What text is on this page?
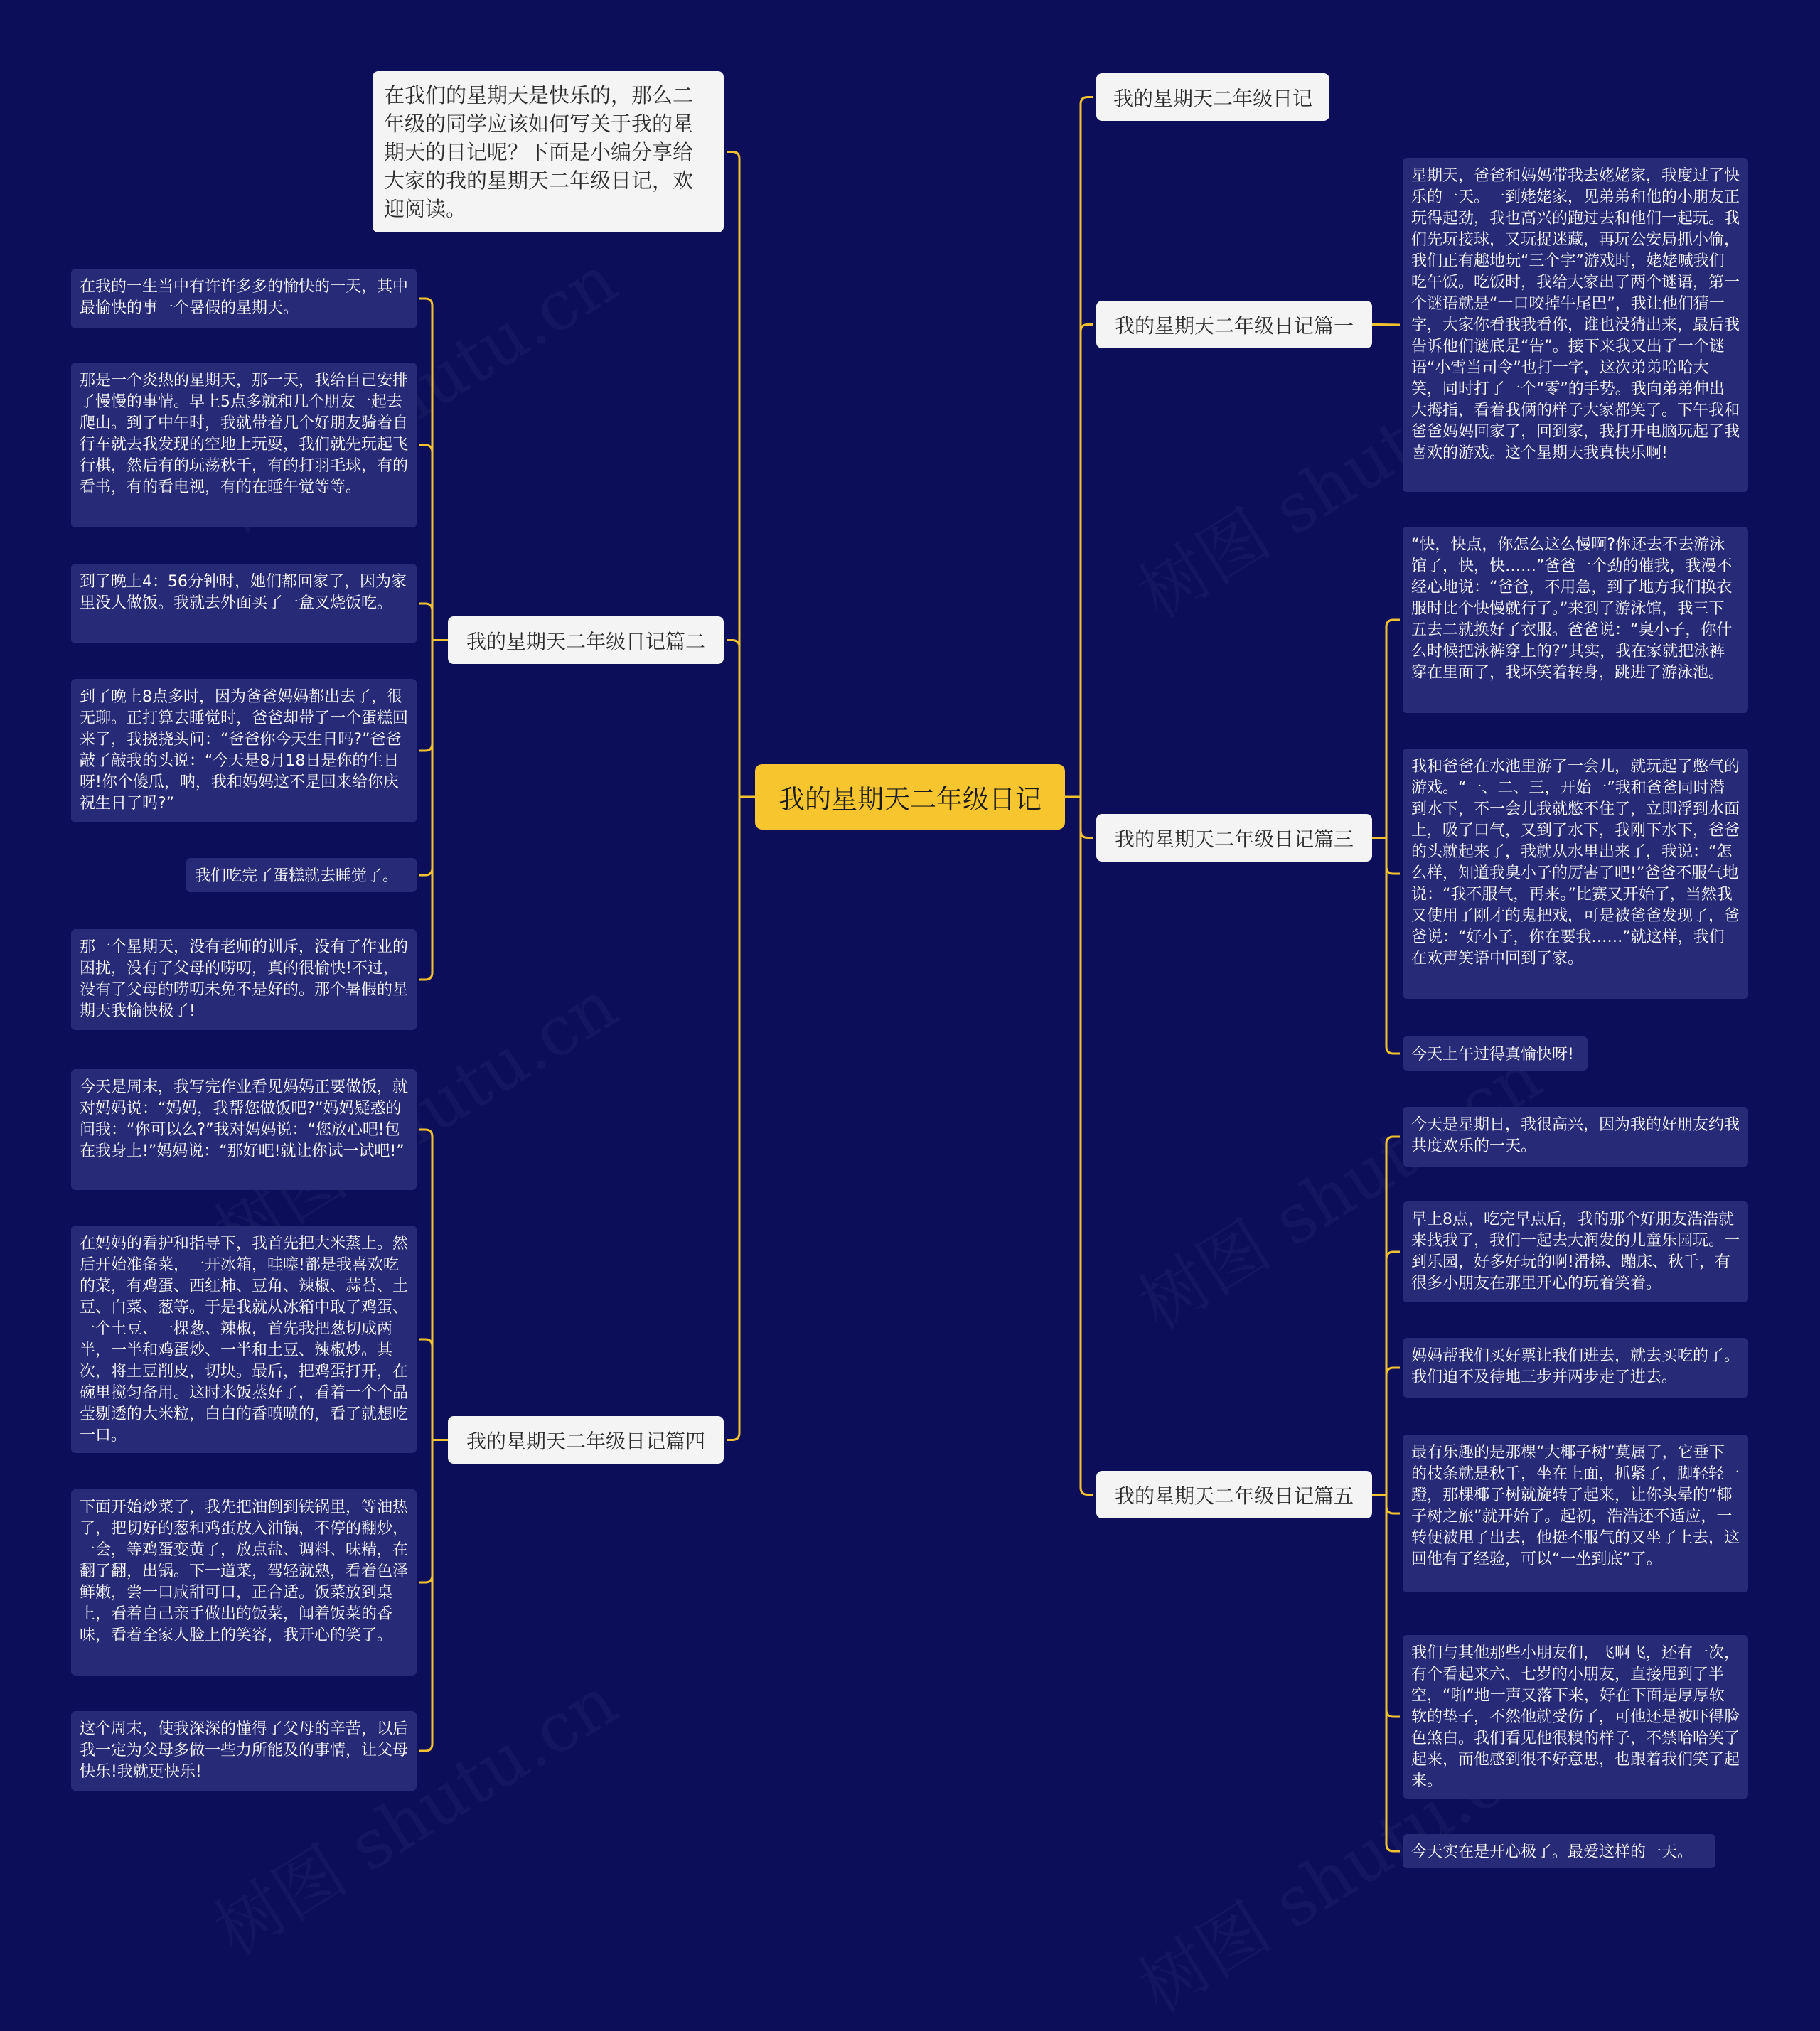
我的星期天二年级日记
在我们的星期天是快乐的，那么二年级的同学应该如何写关于我的星期天的日记呢？下面是小编分享给大家的我的星期天二年级日记，欢迎阅读。
我的星期天二年级日记
我的星期天二年级日记篇一
我的星期天二年级日记篇三
我的星期天二年级日记篇五
我的星期天二年级日记篇二
我的星期天二年级日记篇四
星期天，爸爸和妈妈带我去姥姥家，我度过了快乐的一天。一到姥姥家，见弟弟和他的小朋友正玩得起劲，我也高兴的跑过去和他们一起玩。我们先玩接球，又玩捉迷藏，再玩公安局抓小偷，我们正有趣地玩“三个字”游戏时，姥姥喊我们吃午饭。吃饭时，我给大家出了两个谜语，第一个谜语就是“一口咬掉牛尾巴”，我让他们猜一字，大家你看我我看你，谁也没猜出来，最后我告诉他们谜底是“告”。接下来我又出了一个谜语“小雪当司令”也打一字，这次弟弟哈哈大笑，同时打了一个“零”的手势。我向弟弟伸出大拇指，看着我俩的样子大家都笑了。下午我和爸爸妈妈回家了，回到家，我打开电脑玩起了我喜欢的游戏。这个星期天我真快乐啊!
“快，快点，你怎么这么慢啊?你还去不去游泳馆了，快，快……”爸爸一个劲的催我，我漫不经心地说：“爸爸，不用急，到了地方我们换衣服时比个快慢就行了。”来到了游泳馆，我三下五去二就换好了衣服。爸爸说：“臭小子，你什么时候把泳裤穿上的?”其实，我在家就把泳裤穿在里面了，我坏笑着转身，跳进了游泳池。
我和爸爸在水池里游了一会儿，就玩起了憋气的游戏。“一、二、三，开始一”我和爸爸同时潜到水下，不一会儿我就憋不住了，立即浮到水面上，吸了口气，又到了水下，我刚下水下，爸爸的头就起来了，我就从水里出来了，我说：“怎么样，知道我臭小子的厉害了吧!”爸爸不服气地说：“我不服气，再来。”比赛又开始了，当然我又使用了刚才的鬼把戏，可是被爸爸发现了，爸爸说：“好小子，你在要我……”就这样，我们在欢声笑语中回到了家。
今天上午过得真愉快呀!
今天是星期日，我很高兴，因为我的好朋友约我共度欢乐的一天。
早上8点，吃完早点后，我的那个好朋友浩浩就来找我了，我们一起去大润发的儿童乐园玩。一到乐园，好多好玩的啊!滑梯、蹦床、秋千，有很多小朋友在那里开心的玩着笑着。
妈妈帮我们买好票让我们进去，就去买吃的了。我们迫不及待地三步并两步走了进去。
最有乐趣的是那棵“大椰子树”莫属了，它垂下的枝条就是秋千，坐在上面，抓紧了，脚轻轻一蹬，那棵椰子树就旋转了起来，让你头晕的“椰子树之旅”就开始了。起初，浩浩还不适应，一转便被甩了出去，他挺不服气的又坐了上去，这回他有了经验，可以“一坐到底”了。
我们与其他那些小朋友们，飞啊飞，还有一次，有个看起来六、七岁的小朋友，直接甩到了半空，“啪”地一声又落下来，好在下面是厚厚软软的垫子，不然他就受伤了，可他还是被吓得脸色煞白。我们看见他很糗的样子，不禁哈哈笑了起来，而他感到很不好意思，也跟着我们笑了起来。
今天实在是开心极了。最爱这样的一天。
在我的一生当中有许许多多的愉快的一天，其中最愉快的事一个暑假的星期天。
那是一个炎热的星期天，那一天，我给自己安排了慢慢的事情。早上5点多就和几个朋友一起去爬山。到了中午时，我就带着几个好朋友骑着自行车就去我发现的空地上玩耍，我们就先玩起飞行棋，然后有的玩荡秋千，有的打羽毛球，有的看书，有的看电视，有的在睡午觉等等。
到了晚上4：56分钟时，她们都回家了，因为家里没人做饭。我就去外面买了一盒叉烧饭吃。
到了晚上8点多时，因为爸爸妈妈都出去了，很无聊。正打算去睡觉时，爸爸却带了一个蛋糕回来了，我挠挠头问：“爸爸你今天生日吗?”爸爸敲了敲我的头说：“今天是8月18日是你的生日呀!你个傻瓜，呐，我和妈妈这不是回来给你庆祝生日了吗?”
我们吃完了蛋糕就去睡觉了。
那一个星期天，没有老师的训斥，没有了作业的困扰，没有了父母的唠叨，真的很愉快!不过，没有了父母的唠叨未免不是好的。那个暑假的星期天我愉快极了!
今天是周末，我写完作业看见妈妈正要做饭，就对妈妈说：“妈妈，我帮您做饭吧?”妈妈疑惑的问我：“你可以么?”我对妈妈说：“您放心吧!包在我身上!”妈妈说：“那好吧!就让你试一试吧!”
在妈妈的看护和指导下，我首先把大米蒸上。然后开始准备菜，一开冰箱，哇噻!都是我喜欢吃的菜，有鸡蛋、西红柿、豆角、辣椒、蒜苔、土豆、白菜、葱等。于是我就从冰箱中取了鸡蛋、一个土豆、一棵葱、辣椒，首先我把葱切成两半，一半和鸡蛋炒、一半和土豆、辣椒炒。其次，将土豆削皮，切块。最后，把鸡蛋打开，在碗里搅匀备用。这时米饭蒸好了，看着一个个晶莹剔透的大米粒，白白的香喷喷的，看了就想吃一口。
下面开始炒菜了，我先把油倒到铁锅里，等油热了，把切好的葱和鸡蛋放入油锅，不停的翻炒，一会，等鸡蛋变黄了，放点盐、调料、味精，在翻了翻，出锅。下一道菜，驾轻就熟，看着色泽鲜嫩，尝一口咸甜可口，正合适。饭菜放到桌上，看着自己亲手做出的饭菜，闻着饭菜的香味，看着全家人脸上的笑容，我开心的笑了。
这个周末，使我深深的懂得了父母的辛苦，以后我一定为父母多做一些力所能及的事情，让父母快乐!我就更快乐!
